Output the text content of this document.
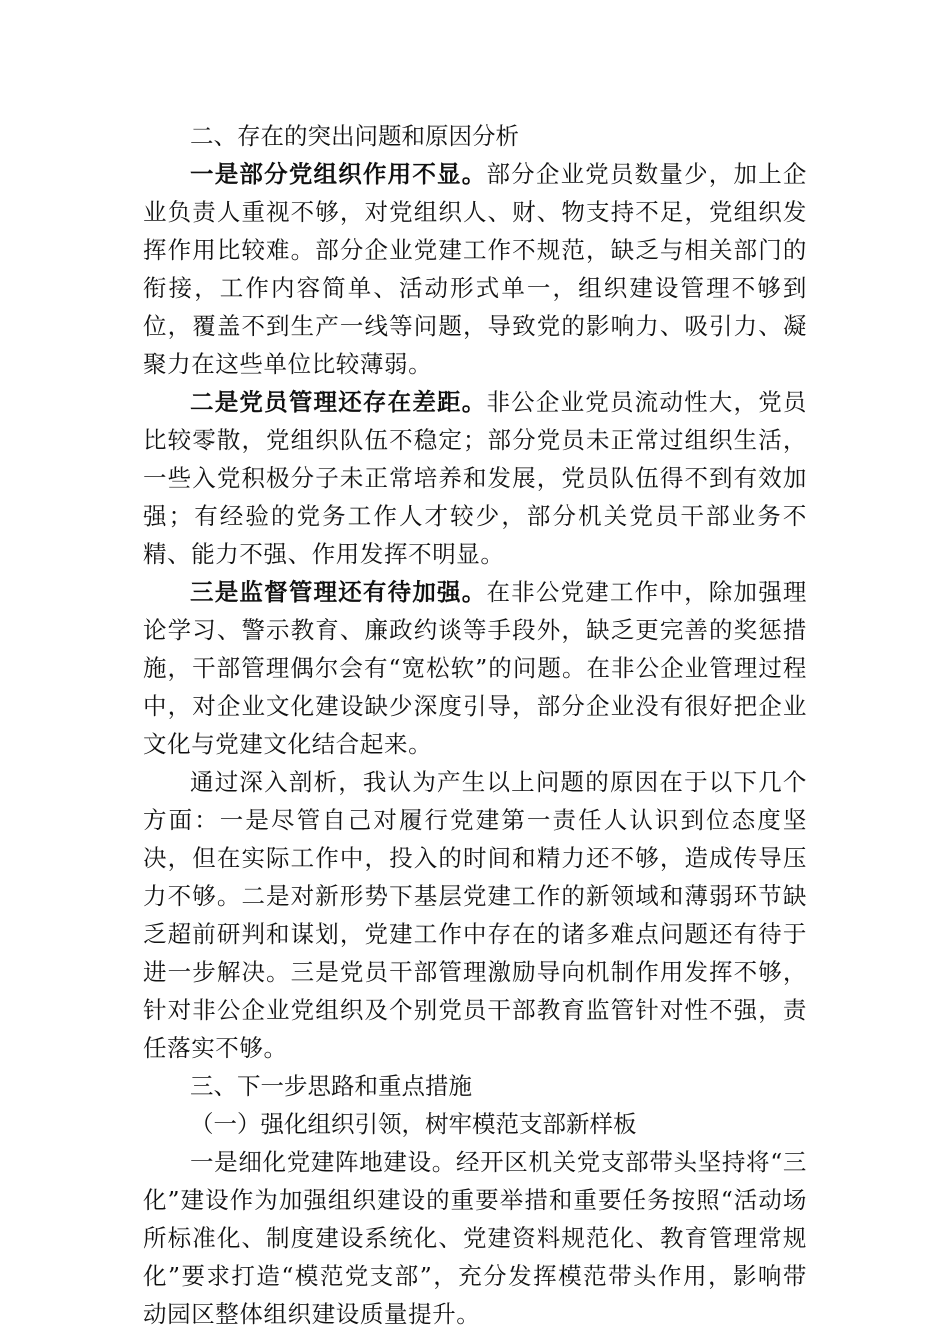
二、存在的突出问题和原因分析

一是部分党组织作用不显。部分企业党员数量少，加上企业负责人重视不够，对党组织人、财、物支持不足，党组织发挥作用比较难。部分企业党建工作不规范，缺乏与相关部门的衔接，工作内容简单、活动形式单一，组织建设管理不够到位，覆盖不到生产一线等问题，导致党的影响力、吸引力、凝聚力在这些单位比较薄弱。

二是党员管理还存在差距。非公企业党员流动性大，党员比较零散，党组织队伍不稳定；部分党员未正常过组织生活，一些入党积极分子未正常培养和发展，党员队伍得不到有效加强；有经验的党务工作人才较少，部分机关党员干部业务不精、能力不强、作用发挥不明显。

三是监督管理还有待加强。在非公党建工作中，除加强理论学习、警示教育、廉政约谈等手段外，缺乏更完善的奖惩措施，干部管理偶尔会有“宽松软”的问题。在非公企业管理过程中，对企业文化建设缺少深度引导，部分企业没有很好把企业文化与党建文化结合起来。

通过深入剖析，我认为产生以上问题的原因在于以下几个方面：一是尽管自己对履行党建第一责任人认识到位态度坚决，但在实际工作中，投入的时间和精力还不够，造成传导压力不够。二是对新形势下基层党建工作的新领域和薄弱环节缺乏超前研判和谋划，党建工作中存在的诸多难点问题还有待于进一步解决。三是党员干部管理激励导向机制作用发挥不够，针对非公企业党组织及个别党员干部教育监管针对性不强，责任落实不够。

三、下一步思路和重点措施

（一）强化组织引领，树牢模范支部新样板

一是细化党建阵地建设。经开区机关党支部带头坚持将“三化”建设作为加强组织建设的重要举措和重要任务按照“活动场所标准化、制度建设系统化、党建资料规范化、教育管理常规化”要求打造“模范党支部”，充分发挥模范带头作用，影响带动园区整体组织建设质量提升。
